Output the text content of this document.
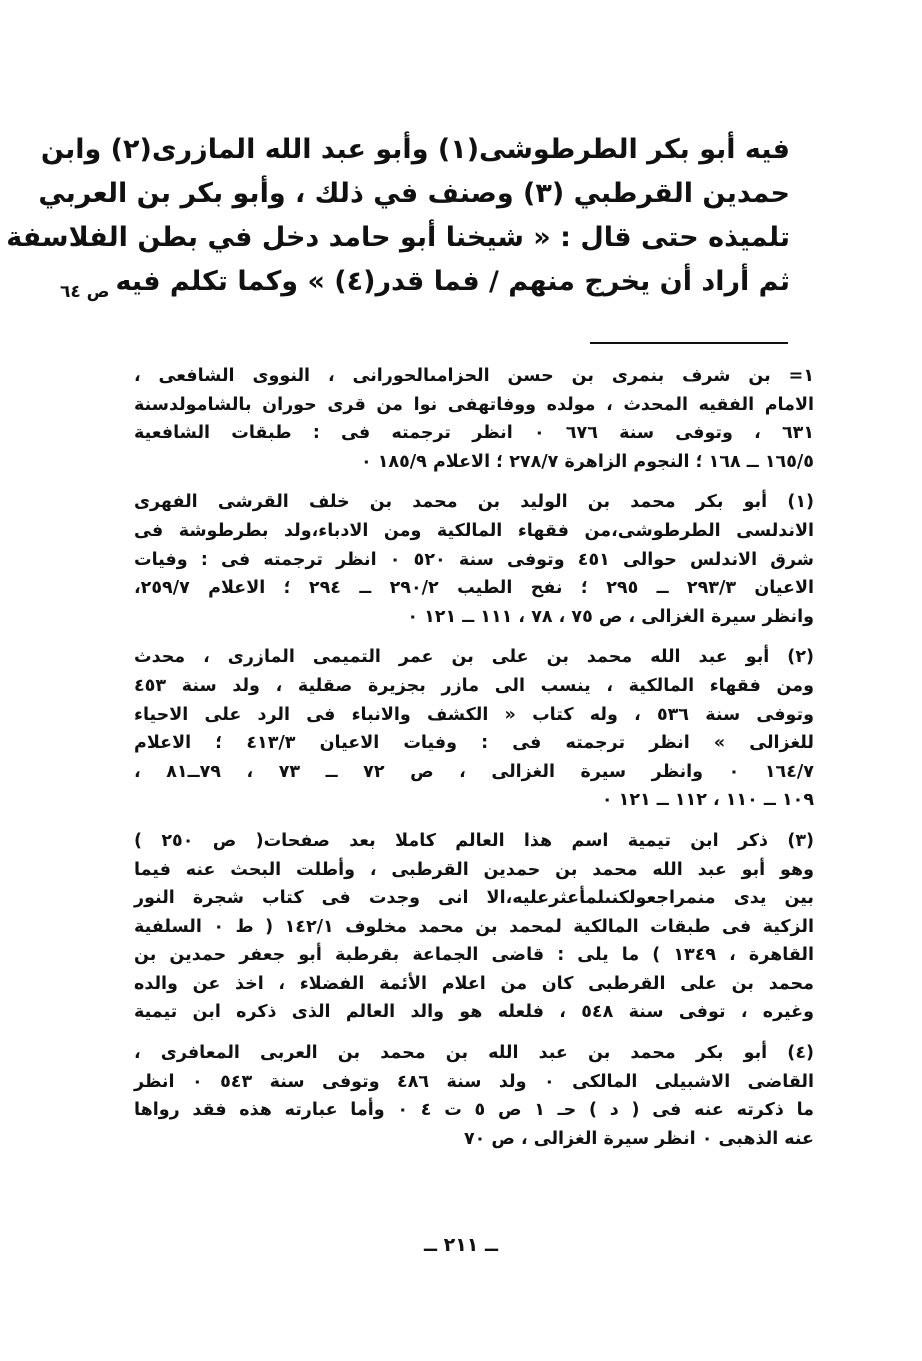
فيه أبو بكر الطرطوشى(١) وأبو عبد الله المازرى(٢) وابن
حمدين القرطبي (٣) وصنف في ذلك ، وأبو بكر بن العربي
تلميذه حتى قال : « شيخنا أبو حامد دخل في بطن الفلاسفة
ثم أراد أن يخرج منهم / فما قدر(٤) » وكما تكلم فيه
ص ٦٤
١= بن شرف بنمرى بن حسن الحزامىالحورانى ، النووى الشافعى ،
الامام الفقيه المحدث ، مولده ووفاتهفى نوا من قرى حوران بالشامولدسنة
٦٣١ ، وتوفى سنة ٦٧٦ ٠ انظر ترجمته فى : طبقات الشافعية
١٦٥/٥ ــ ١٦٨ ؛ النجوم الزاهرة ٢٧٨/٧ ؛ الاعلام ١٨٥/٩ ٠
(١) أبو بكر محمد بن الوليد بن محمد بن خلف القرشى الفهرى
الاندلسى الطرطوشى،من فقهاء المالكية ومن الادباء،ولد بطرطوشة فى
شرق الاندلس حوالى ٤٥١ وتوفى سنة ٥٢٠ ٠ انظر ترجمته فى : وفيات
الاعيان ٢٩٣/٣ ــ ٢٩٥ ؛ نفح الطيب ٢٩٠/٢ ــ ٢٩٤ ؛ الاعلام ٢٥٩/٧،
وانظر سيرة الغزالى ، ص ٧٥ ، ٧٨ ، ١١١ ــ ١٢١ ٠
(٢) أبو عبد الله محمد بن على بن عمر التميمى المازرى ، محدث
ومن فقهاء المالكية ، ينسب الى مازر بجزيرة صقلية ، ولد سنة ٤٥٣
وتوفى سنة ٥٣٦ ، وله كتاب « الكشف والانباء فى الرد على الاحياء
للغزالى » انظر ترجمته فى : وفيات الاعيان ٤١٣/٣ ؛ الاعلام
١٦٤/٧ ٠ وانظر سيرة الغزالى ، ص ٧٢ ــ ٧٣ ، ٧٩ــ٨١ ،
١٠٩ ــ ١١٠ ، ١١٢ ــ ١٢١ ٠
(٣) ذكر ابن تيمية اسم هذا العالم كاملا بعد صفحات( ص ٢٥٠ )
وهو أبو عبد الله محمد بن حمدين القرطبى ، وأطلت البحث عنه فيما
بين يدى منمراجعولكنىلمأعثرعليه،الا انى وجدت فى كتاب شجرة النور
الزكية فى طبقات المالكية لمحمد بن محمد مخلوف ١٤٢/١ ( ط ٠ السلفية
القاهرة ، ١٣٤٩ ) ما يلى : قاضى الجماعة بقرطبة أبو جعفر حمدين بن
محمد بن على القرطبى كان من اعلام الأئمة الفضلاء ، اخذ عن والده
وغيره ، توفى سنة ٥٤٨ ، فلعله هو والد العالم الذى ذكره ابن تيمية
(٤) أبو بكر محمد بن عبد الله بن محمد بن العربى المعافرى ،
القاضى الاشبيلى المالكى ٠ ولد سنة ٤٨٦ وتوفى سنة ٥٤٣ ٠ انظر
ما ذكرته عنه فى ( د ) حـ ١ ص ٥ ت ٤ ٠ وأما عبارته هذه فقد رواها
عنه الذهبى ٠ انظر سيرة الغزالى ، ص ٧٠
ــ ٢١١ ــ
